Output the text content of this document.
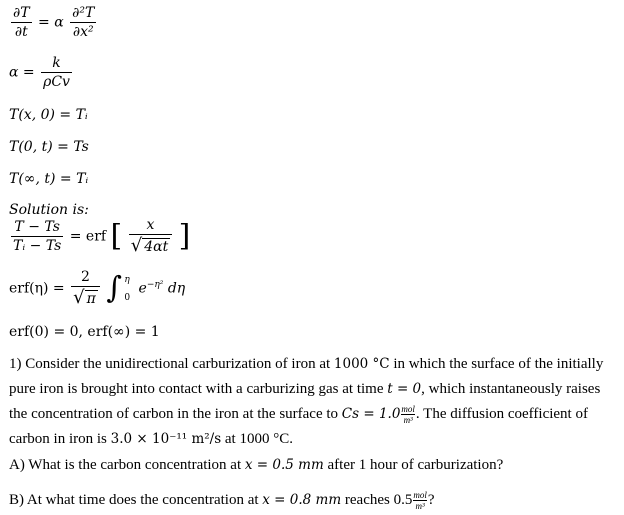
$\frac{\partial T}{\partial t} = \alpha \frac{\text{∂²T}}{\text{∂x²}}$
$\alpha = \frac{k}{\text{ρCv}}$
T(x, 0) = Tᵢ
T(0, t) = Ts
T(∞, t) = Tᵢ
Solution is:
$\frac{T - Ts}{\text{Tᵢ − Ts}}$ = erf [ $\frac{x}{√ 4\alpha t}$ ]
$erf(\eta) = \frac{2}{√ \pi}$ ∫ η
0
$e^{-\eta^2}$ dη
erf(0) = 0, erf(∞) = 1
1) Consider the unidirectional carburization of iron at 1000 °C in which the surface of the initially pure iron is brought into contact with a carburizing gas at time t = 0, which instantaneously raises the concentration of carbon in the iron at the surface to $Cs = 1.0 \frac{\text{mol}}{\text{m³}}$ . The diffusion coefficient of carbon in iron is 3.0 × 10⁻¹¹ m²/s at 1000 °C.
A) What is the carbon concentration at x = 0.5 mm after 1 hour of carburization?
B) At what time does the concentration at x = 0.8 mm reaches $0.5 \frac{\text{mol}}{\text{m³}}$ ?
